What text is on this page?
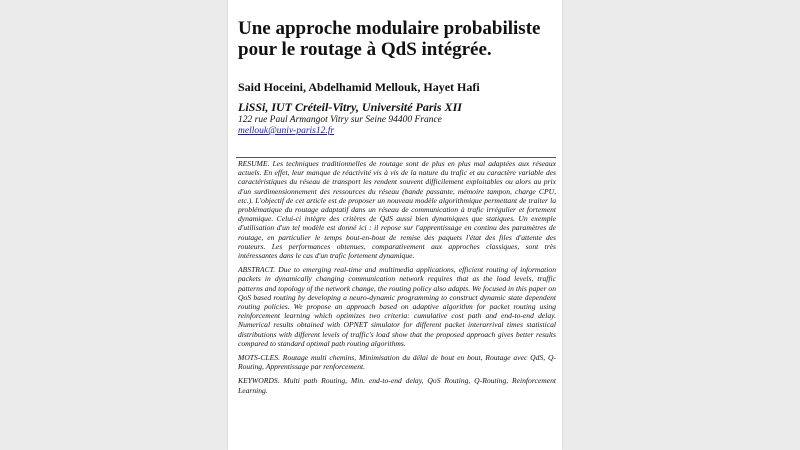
Une approche modulaire probabiliste pour le routage à QdS intégrée.
Said Hoceini, Abdelhamid Mellouk, Hayet Hafi
LiSSi, IUT Créteil-Vitry, Université Paris XII
122 rue Paul Armangot Vitry sur Seine 94400 France
mellouk@univ-paris12.fr

RESUME. Les techniques traditionnelles de routage sont de plus en plus mal adaptées aux réseaux actuels. En effet, leur manque de réactivité vis à vis de la nature du trafic et au caractère variable des caractéristiques du réseau de transport les rendent souvent difficilement exploitables ou alors au prix d'un surdimensionnement des ressources du réseau (bande passante, mémoire tampon, charge CPU, etc.). L'objectif de cet article est de proposer un nouveau modèle algorithmique permettant de traiter la problématique du routage adaptatif dans un réseau de communication à trafic irrégulier et fortement dynamique. Celui-ci intègre des critères de QdS aussi bien dynamiques que statiques. Un exemple d'utilisation d'un tel modèle est donné ici : il repose sur l'apprentissage en continu des paramètres de routage, en particulier le temps bout-en-bout de remise des paquets l'état des files d'attente des routeurs. Les performances obtenues, comparativement aux approches classiques, sont très intéressantes dans le cas d'un trafic fortement dynamique.

ABSTRACT. Due to emerging real-time and multimedia applications, efficient routing of information packets in dynamically changing communication network requires that as the load levels, traffic patterns and topology of the network change, the routing policy also adapts. We focused in this paper on QoS based routing by developing a neuro-dynamic programming to construct dynamic state dependent routing policies. We propose an approach based on adaptive algorithm for packet routing using reinforcement learning which optimizes two criteria: cumulative cost path and end-to-end delay. Numerical results obtained with OPNET simulator for different packet interarrival times statistical distributions with different levels of traffic's load show that the proposed approach gives better results compared to standard optimal path routing algorithms.

MOTS-CLES. Routage multi chemins, Minimisation du délai de bout en bout, Routage avec QdS, Q-Routing, Apprentissage par renforcement.

KEYWORDS. Multi path Routing, Min. end-to-end delay, QoS Routing, Q-Routing, Reinforcement Learning.
